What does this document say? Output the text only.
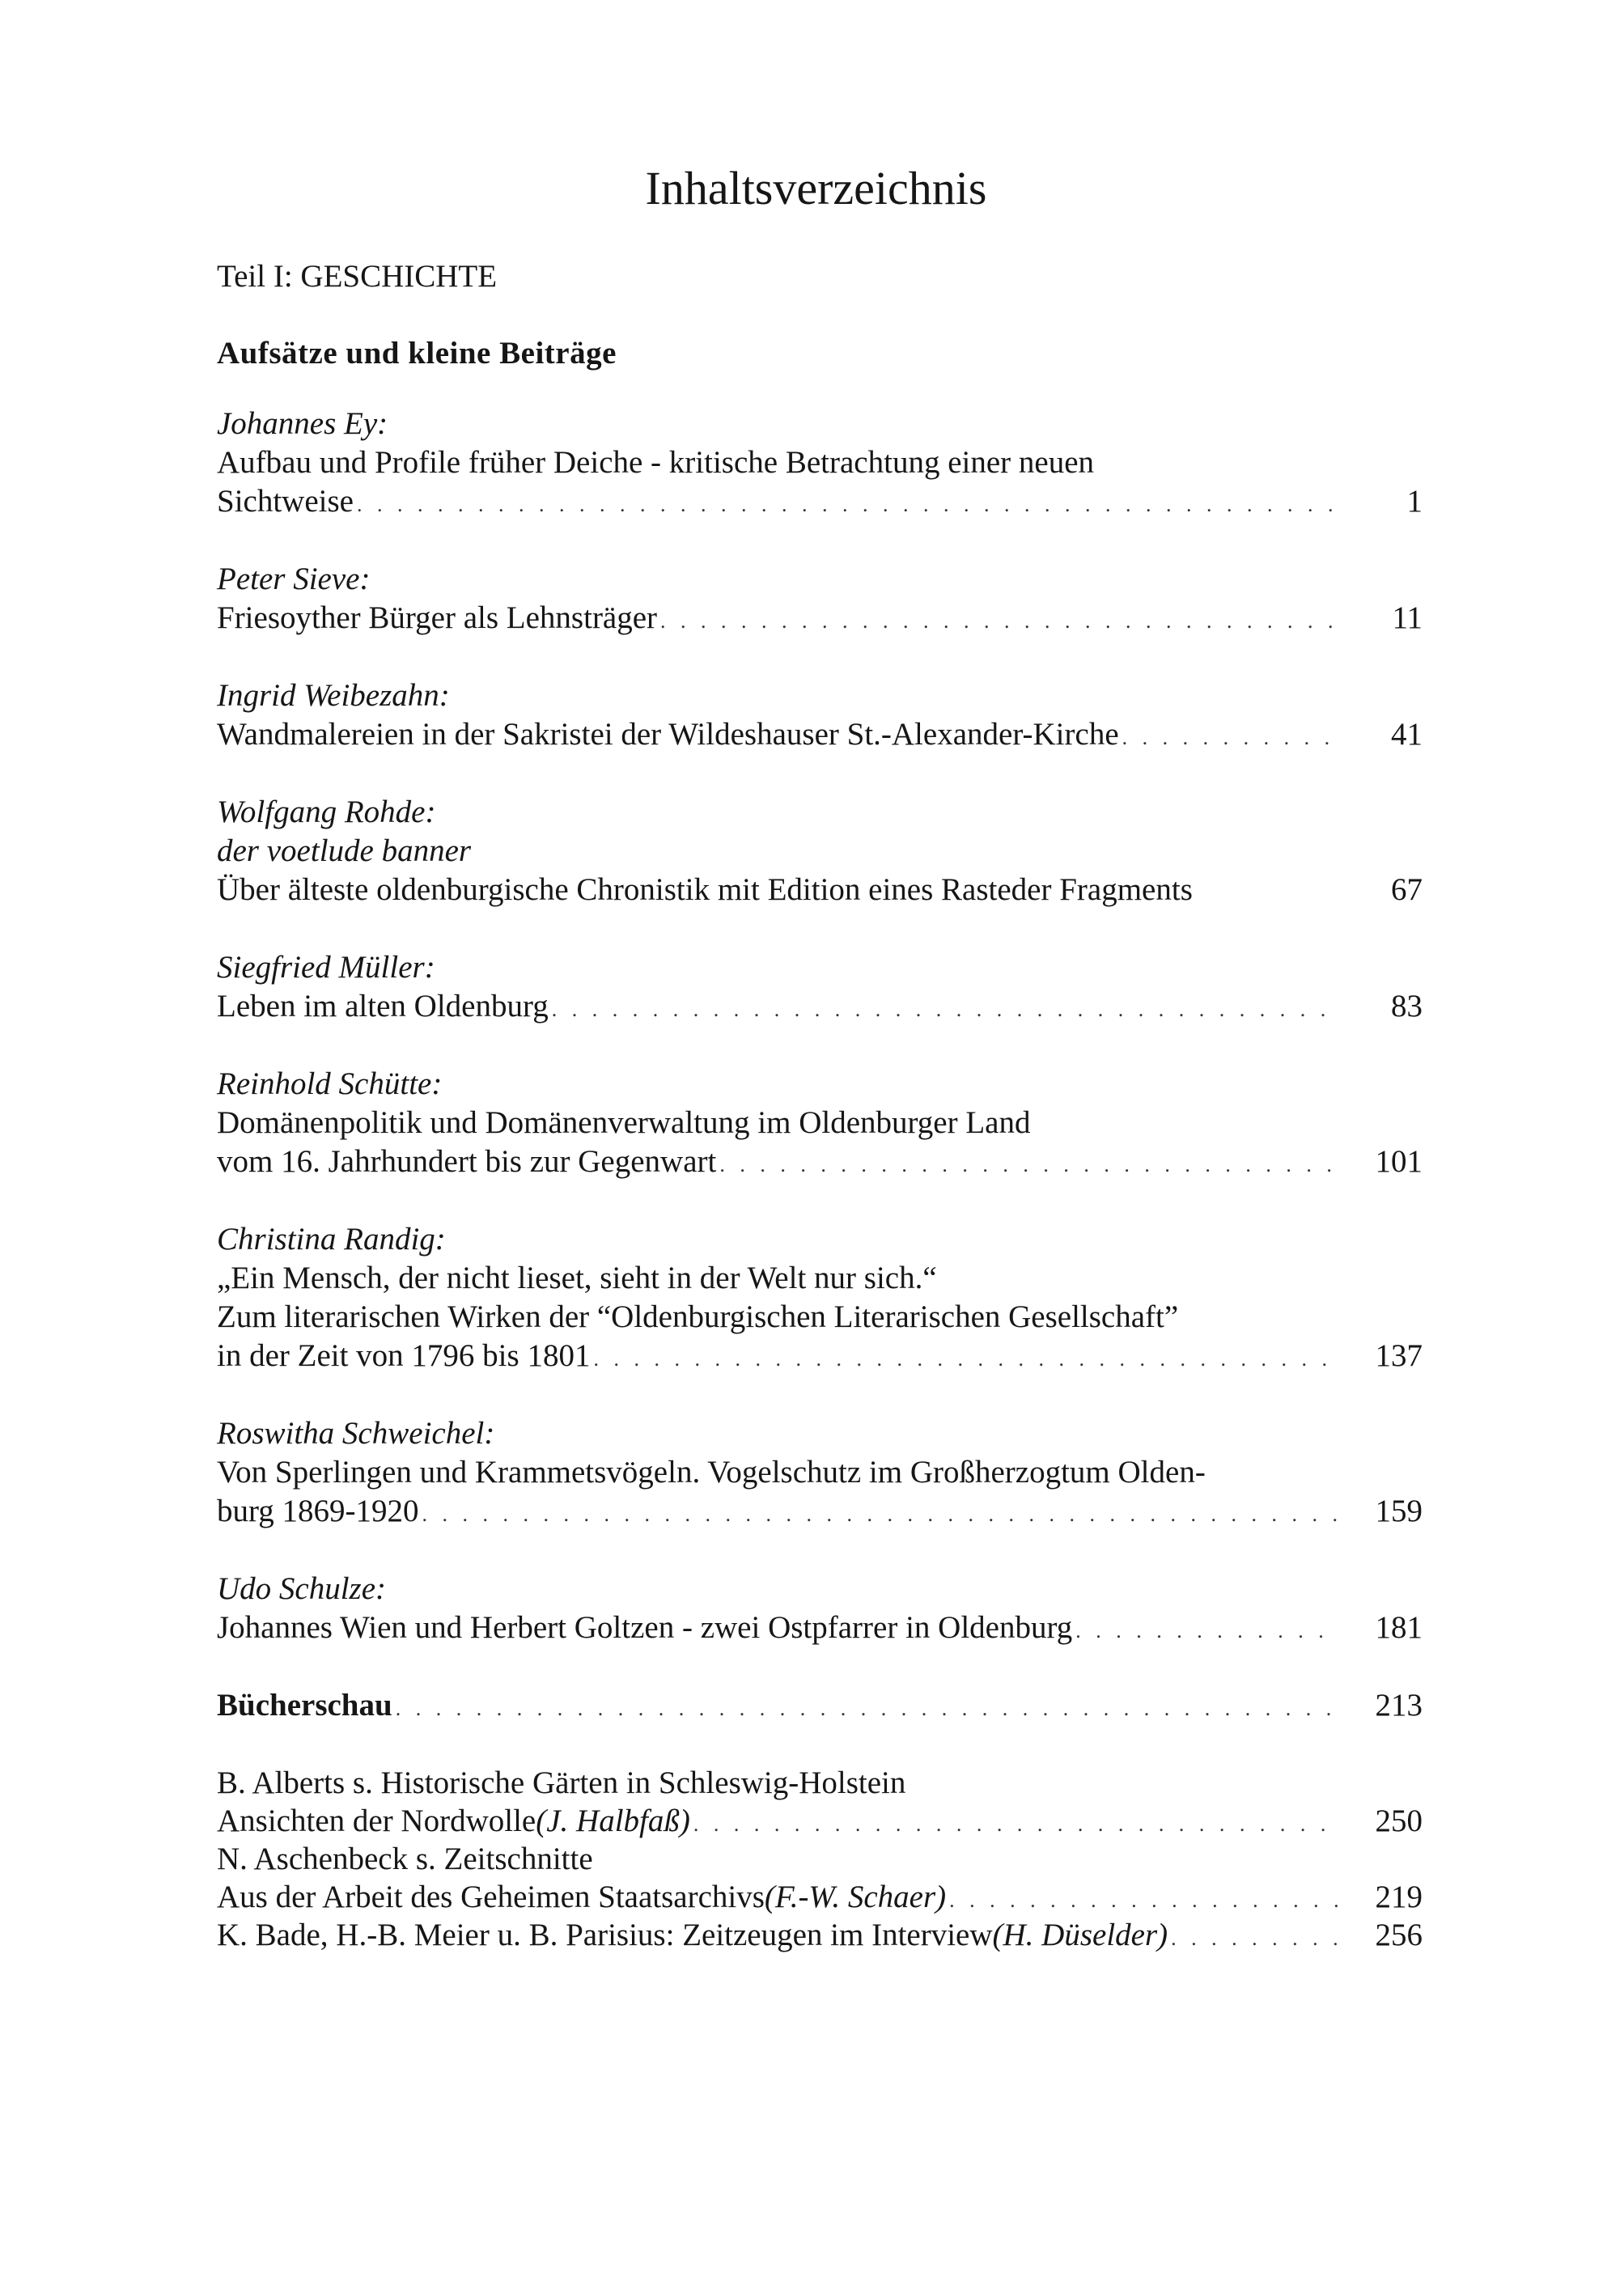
Inhaltsverzeichnis
Teil I: GESCHICHTE
Aufsätze und kleine Beiträge
Johannes Ey:
Aufbau und Profile früher Deiche - kritische Betrachtung einer neuen
Sichtweise . . .	1
Peter Sieve:
Friesoyther Bürger als Lehnsträger . . .	11
Ingrid Weibezahn:
Wandmalereien in der Sakristei der Wildeshauser St.-Alexander-Kirche . . .	41
Wolfgang Rohde:
der voetlude banner
Über älteste oldenburgische Chronistik mit Edition eines Rasteder Fragments	67
Siegfried Müller:
Leben im alten Oldenburg . . .	83
Reinhold Schütte:
Domänenpolitik und Domänenverwaltung im Oldenburger Land
vom 16. Jahrhundert bis zur Gegenwart . . .	101
Christina Randig:
„Ein Mensch, der nicht lieset, sieht in der Welt nur sich.“
Zum literarischen Wirken der “Oldenburgischen Literarischen Gesellschaft”
in der Zeit von 1796 bis 1801 . . .	137
Roswitha Schweichel:
Von Sperlingen und Krammetsvögeln. Vogelschutz im Großherzogtum Olden-
burg 1869-1920 . . .	159
Udo Schulze:
Johannes Wien und Herbert Goltzen - zwei Ostpfarrer in Oldenburg . . .	181
Bücherschau . . .	213
B. Alberts s. Historische Gärten in Schleswig-Holstein
Ansichten der Nordwolle (J. Halbfaß) . . .	250
N. Aschenbeck s. Zeitschnitte
Aus der Arbeit des Geheimen Staatsarchivs (F.-W. Schaer) . . .	219
K. Bade, H.-B. Meier u. B. Parisius: Zeitzeugen im Interview (H. Düselder) . . .	256
